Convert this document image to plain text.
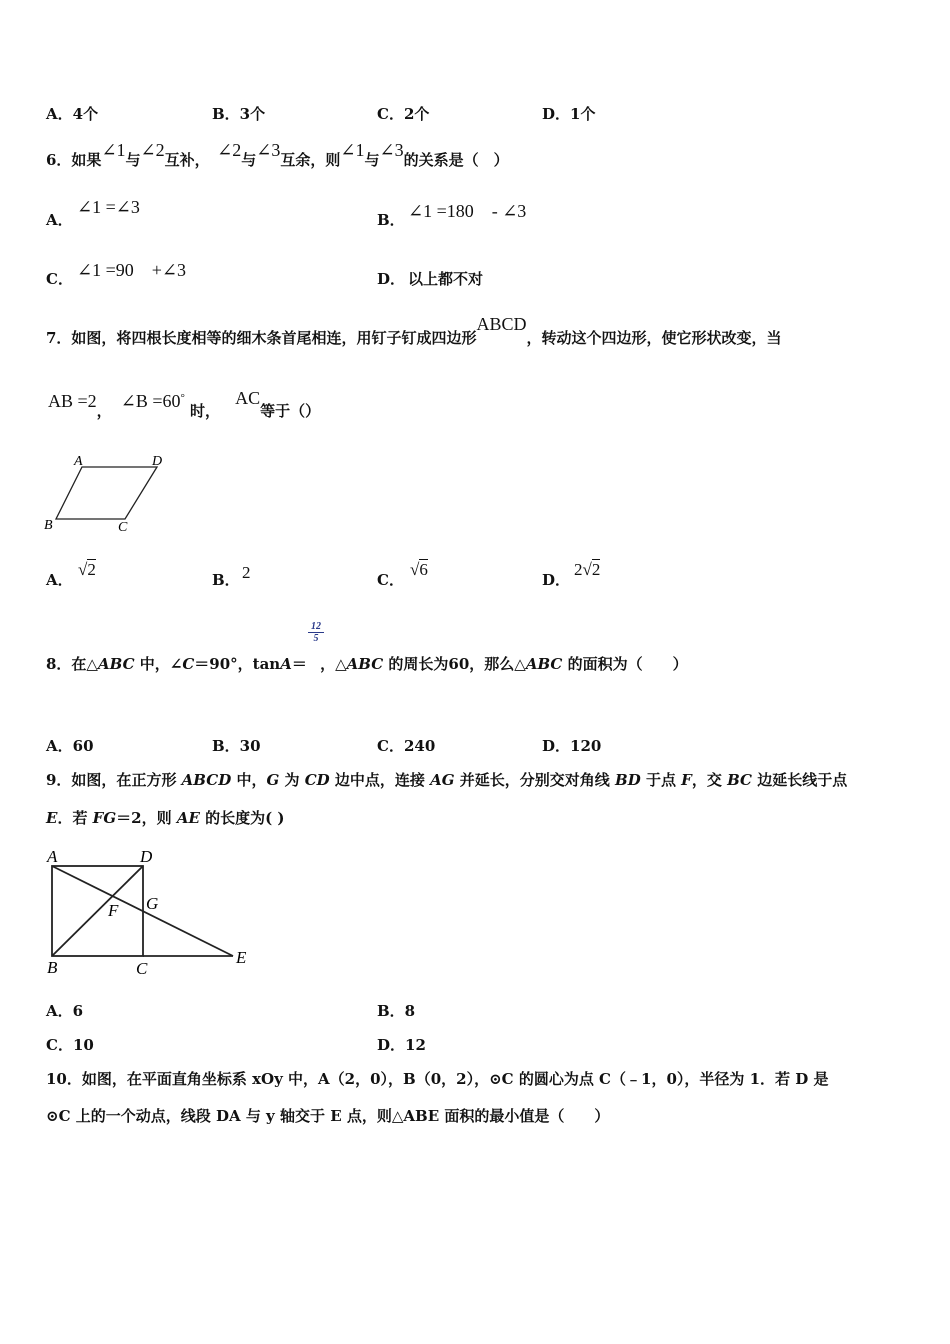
A．4个	B．3个	C．2个	D．1个
6．如果∠1与∠2互补，　 ∠2与∠3互余，则∠1与∠3的关系是（　）
A．
∠1 =∠3
B． ∠1 =180　- ∠3
C． ∠1 =90　+∠3	D． 以上都不对
7．如图，将四根长度相等的细木条首尾相连，用钉子钉成四边形ABCD，转动这个四边形，使它形状改变，当
AB =2， ∠B =60° 时， AC等于（）
A	D
B	C
A．
√2
B． 2	C．
√6
D．
2√2
8．在△ABC 中，∠C＝90°，tanA＝ ，△ABC 的周长为60，那么△ABC 的面积为（　　）
12
5
A．60	B．30	C．240	D．120
9．如图，在正方形 ABCD 中，G 为 CD 边中点，连接 AG 并延长，分别交对角线 BD 于点 F，交 BC 边延长线于点
E．若 FG＝2，则 AE 的长度为( )
A	D
B	C
E
F G
A．6	B．8
C．10	D．12
10．如图，在平面直角坐标系 xOy 中，A（2，0），B（0，2），⊙C 的圆心为点 C（﹣1，0），半径为 1．若 D 是
⊙C 上的一个动点，线段 DA 与 y 轴交于 E 点，则△ABE 面积的最小值是（　　）
